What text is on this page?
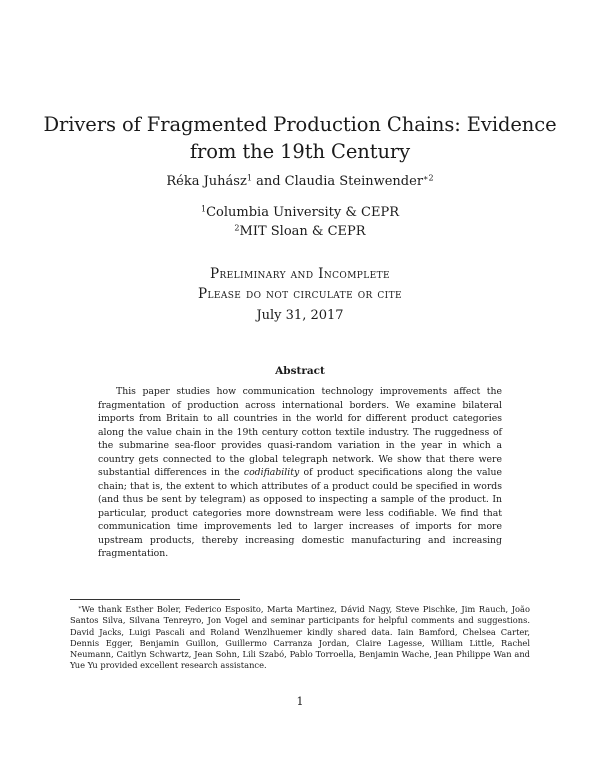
Drivers of Fragmented Production Chains: Evidence
from the 19th Century
Réka Juhász$^1$ and Claudia Steinwender$^{∗2}$
$^1$Columbia University & CEPR
$^2$MIT Sloan & CEPR
Preliminary and Incomplete
Please do not circulate or cite
July 31, 2017
Abstract

This paper studies how communication technology improvements affect the fragmentation of production across international borders. We examine bilateral imports from Britain to all countries in the world for different product categories along the value chain in the 19th century cotton textile industry. The ruggedness of the submarine sea-floor provides quasi-random variation in the year in which a country gets connected to the global telegraph network. We show that there were substantial differences in the codifiability of product specifications along the value chain; that is, the extent to which attributes of a product could be specified in words (and thus be sent by telegram) as opposed to inspecting a sample of the product. In particular, product categories more downstream were less codifiable. We find that communication time improvements led to larger increases of imports for more upstream products, thereby increasing domestic manufacturing and increasing fragmentation.

∗We thank Esther Boler, Federico Esposito, Marta Martinez, Dávid Nagy, Steve Pischke, Jim Rauch, João Santos Silva, Silvana Tenreyro, Jon Vogel and seminar participants for helpful comments and suggestions. David Jacks, Luigi Pascali and Roland Wenzlhuemer kindly shared data. Iain Bamford, Chelsea Carter, Dennis Egger, Benjamin Guillon, Guillermo Carranza Jordan, Claire Lagesse, William Little, Rachel Neumann, Caitlyn Schwartz, Jean Sohn, Lili Szabó, Pablo Torroella, Benjamin Wache, Jean Philippe Wan and Yue Yu provided excellent research assistance.

1
